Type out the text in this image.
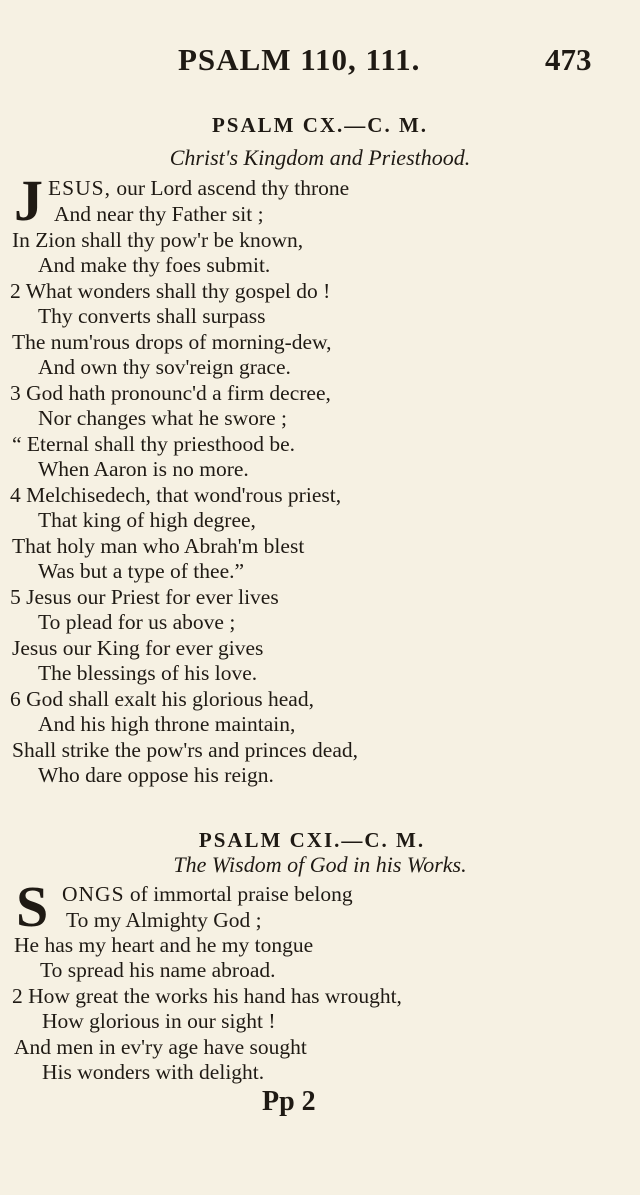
PSALM 110, 111.	473
PSALM CX.—C. M.
Christ's Kingdom and Priesthood.
J ESUS, our Lord ascend thy throne
And near thy Father sit ;
In Zion shall thy pow'r be known,
And make thy foes submit.
2 What wonders shall thy gospel do !
Thy converts shall surpass
The num'rous drops of morning-dew,
And own thy sov'reign grace.
3 God hath pronounc'd a firm decree,
Nor changes what he swore ;
“ Eternal shall thy priesthood be.
When Aaron is no more.
4 Melchisedech, that wond'rous priest,
That king of high degree,
That holy man who Abrah'm blest
Was but a type of thee.”
5 Jesus our Priest for ever lives
To plead for us above ;
Jesus our King for ever gives
The blessings of his love.
6 God shall exalt his glorious head,
And his high throne maintain,
Shall strike the pow'rs and princes dead,
Who dare oppose his reign.
PSALM CXI.—C. M.
The Wisdom of God in his Works.
S ONGS of immortal praise belong
To my Almighty God ;
He has my heart and he my tongue
To spread his name abroad.
2 How great the works his hand has wrought,
How glorious in our sight !
And men in ev'ry age have sought
His wonders with delight.
Pp 2
